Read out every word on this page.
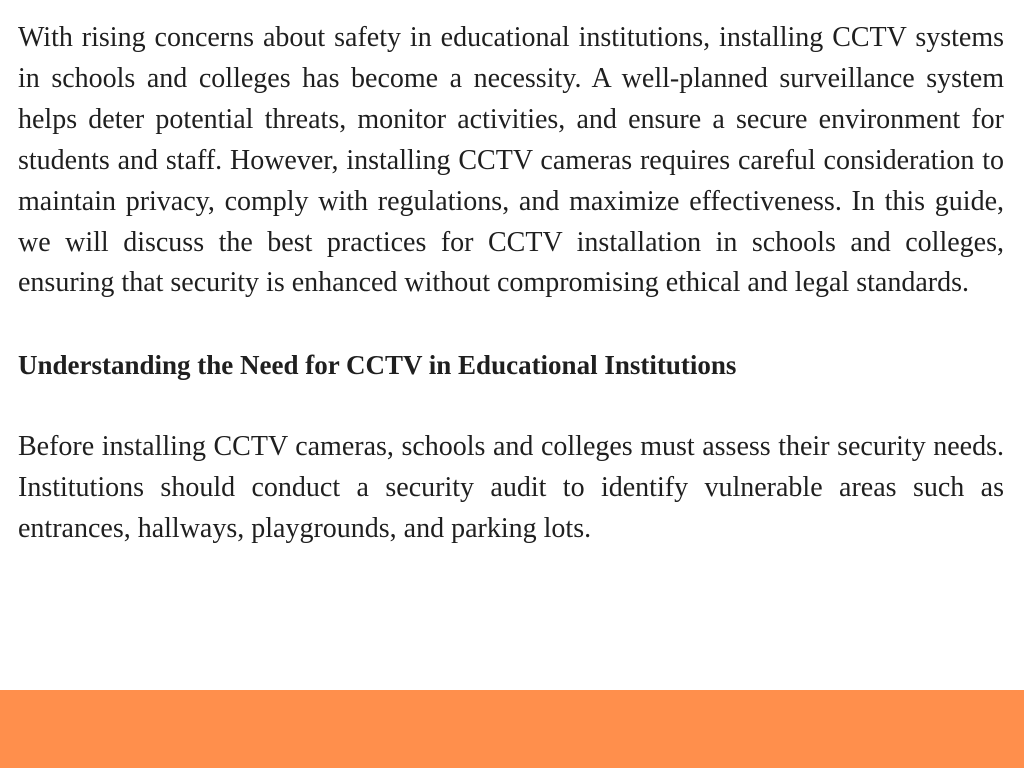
With rising concerns about safety in educational institutions, installing CCTV systems in schools and colleges has become a necessity. A well-planned surveillance system helps deter potential threats, monitor activities, and ensure a secure environment for students and staff. However, installing CCTV cameras requires careful consideration to maintain privacy, comply with regulations, and maximize effectiveness. In this guide, we will discuss the best practices for CCTV installation in schools and colleges, ensuring that security is enhanced without compromising ethical and legal standards.

Understanding the Need for CCTV in Educational Institutions

Before installing CCTV cameras, schools and colleges must assess their security needs. Institutions should conduct a security audit to identify vulnerable areas such as entrances, hallways, playgrounds, and parking lots.
